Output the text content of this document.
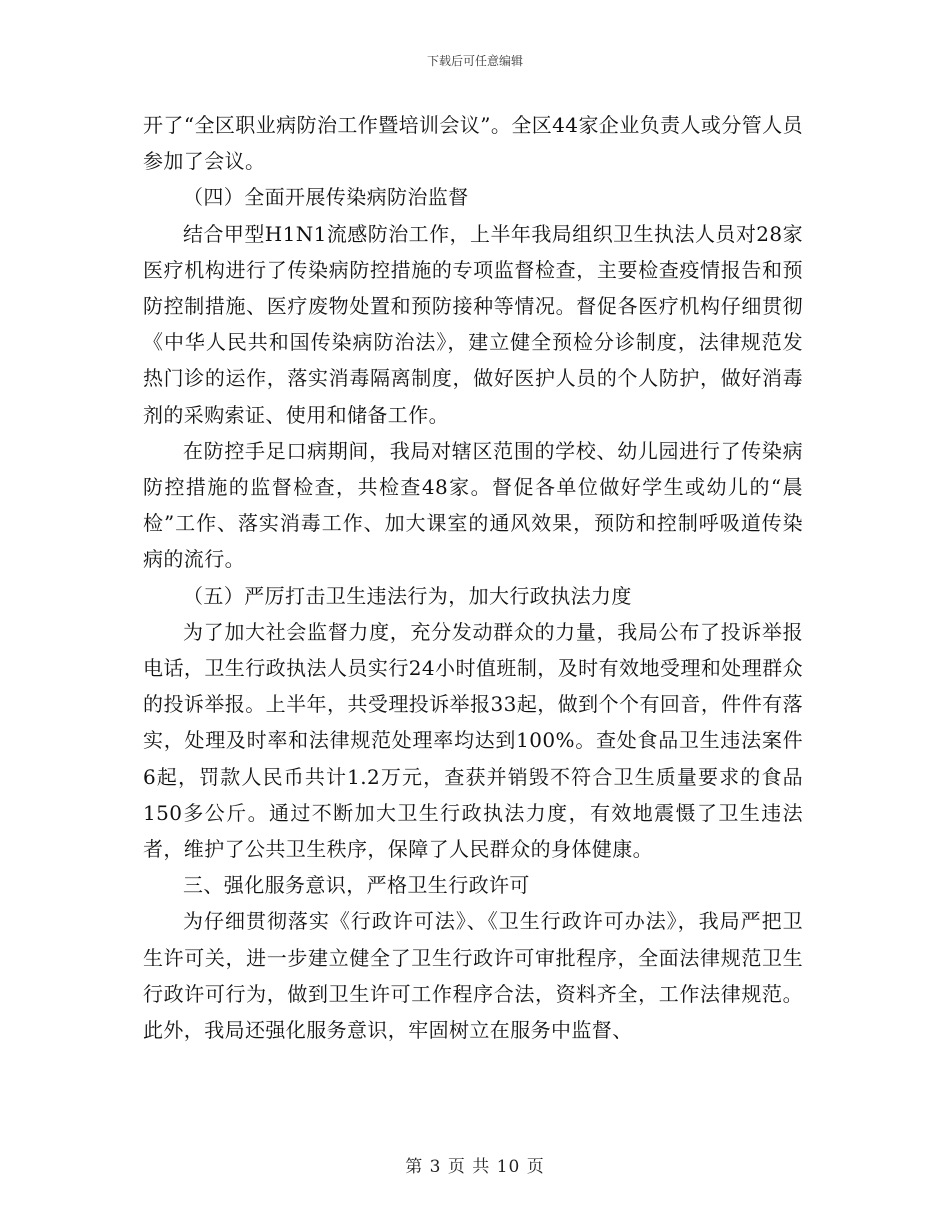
下载后可任意编辑

开了“全区职业病防治工作暨培训会议”。全区44家企业负责人或分管人员参加了会议。

（四）全面开展传染病防治监督

结合甲型H1N1流感防治工作，上半年我局组织卫生执法人员对28家医疗机构进行了传染病防控措施的专项监督检查，主要检查疫情报告和预防控制措施、医疗废物处置和预防接种等情况。督促各医疗机构仔细贯彻《中华人民共和国传染病防治法》，建立健全预检分诊制度，法律规范发热门诊的运作，落实消毒隔离制度，做好医护人员的个人防护，做好消毒剂的采购索证、使用和储备工作。

在防控手足口病期间，我局对辖区范围的学校、幼儿园进行了传染病防控措施的监督检查，共检查48家。督促各单位做好学生或幼儿的“晨检”工作、落实消毒工作、加大课室的通风效果，预防和控制呼吸道传染病的流行。

（五）严厉打击卫生违法行为，加大行政执法力度

为了加大社会监督力度，充分发动群众的力量，我局公布了投诉举报电话，卫生行政执法人员实行24小时值班制，及时有效地受理和处理群众的投诉举报。上半年，共受理投诉举报33起，做到个个有回音，件件有落实，处理及时率和法律规范处理率均达到100%。查处食品卫生违法案件6起，罚款人民币共计1.2万元，查获并销毁不符合卫生质量要求的食品150多公斤。通过不断加大卫生行政执法力度，有效地震慑了卫生违法者，维护了公共卫生秩序，保障了人民群众的身体健康。

三、强化服务意识，严格卫生行政许可

为仔细贯彻落实《行政许可法》、《卫生行政许可办法》，我局严把卫生许可关，进一步建立健全了卫生行政许可审批程序，全面法律规范卫生行政许可行为，做到卫生许可工作程序合法，资料齐全，工作法律规范。此外，我局还强化服务意识，牢固树立在服务中监督、

第 3 页 共 10 页
